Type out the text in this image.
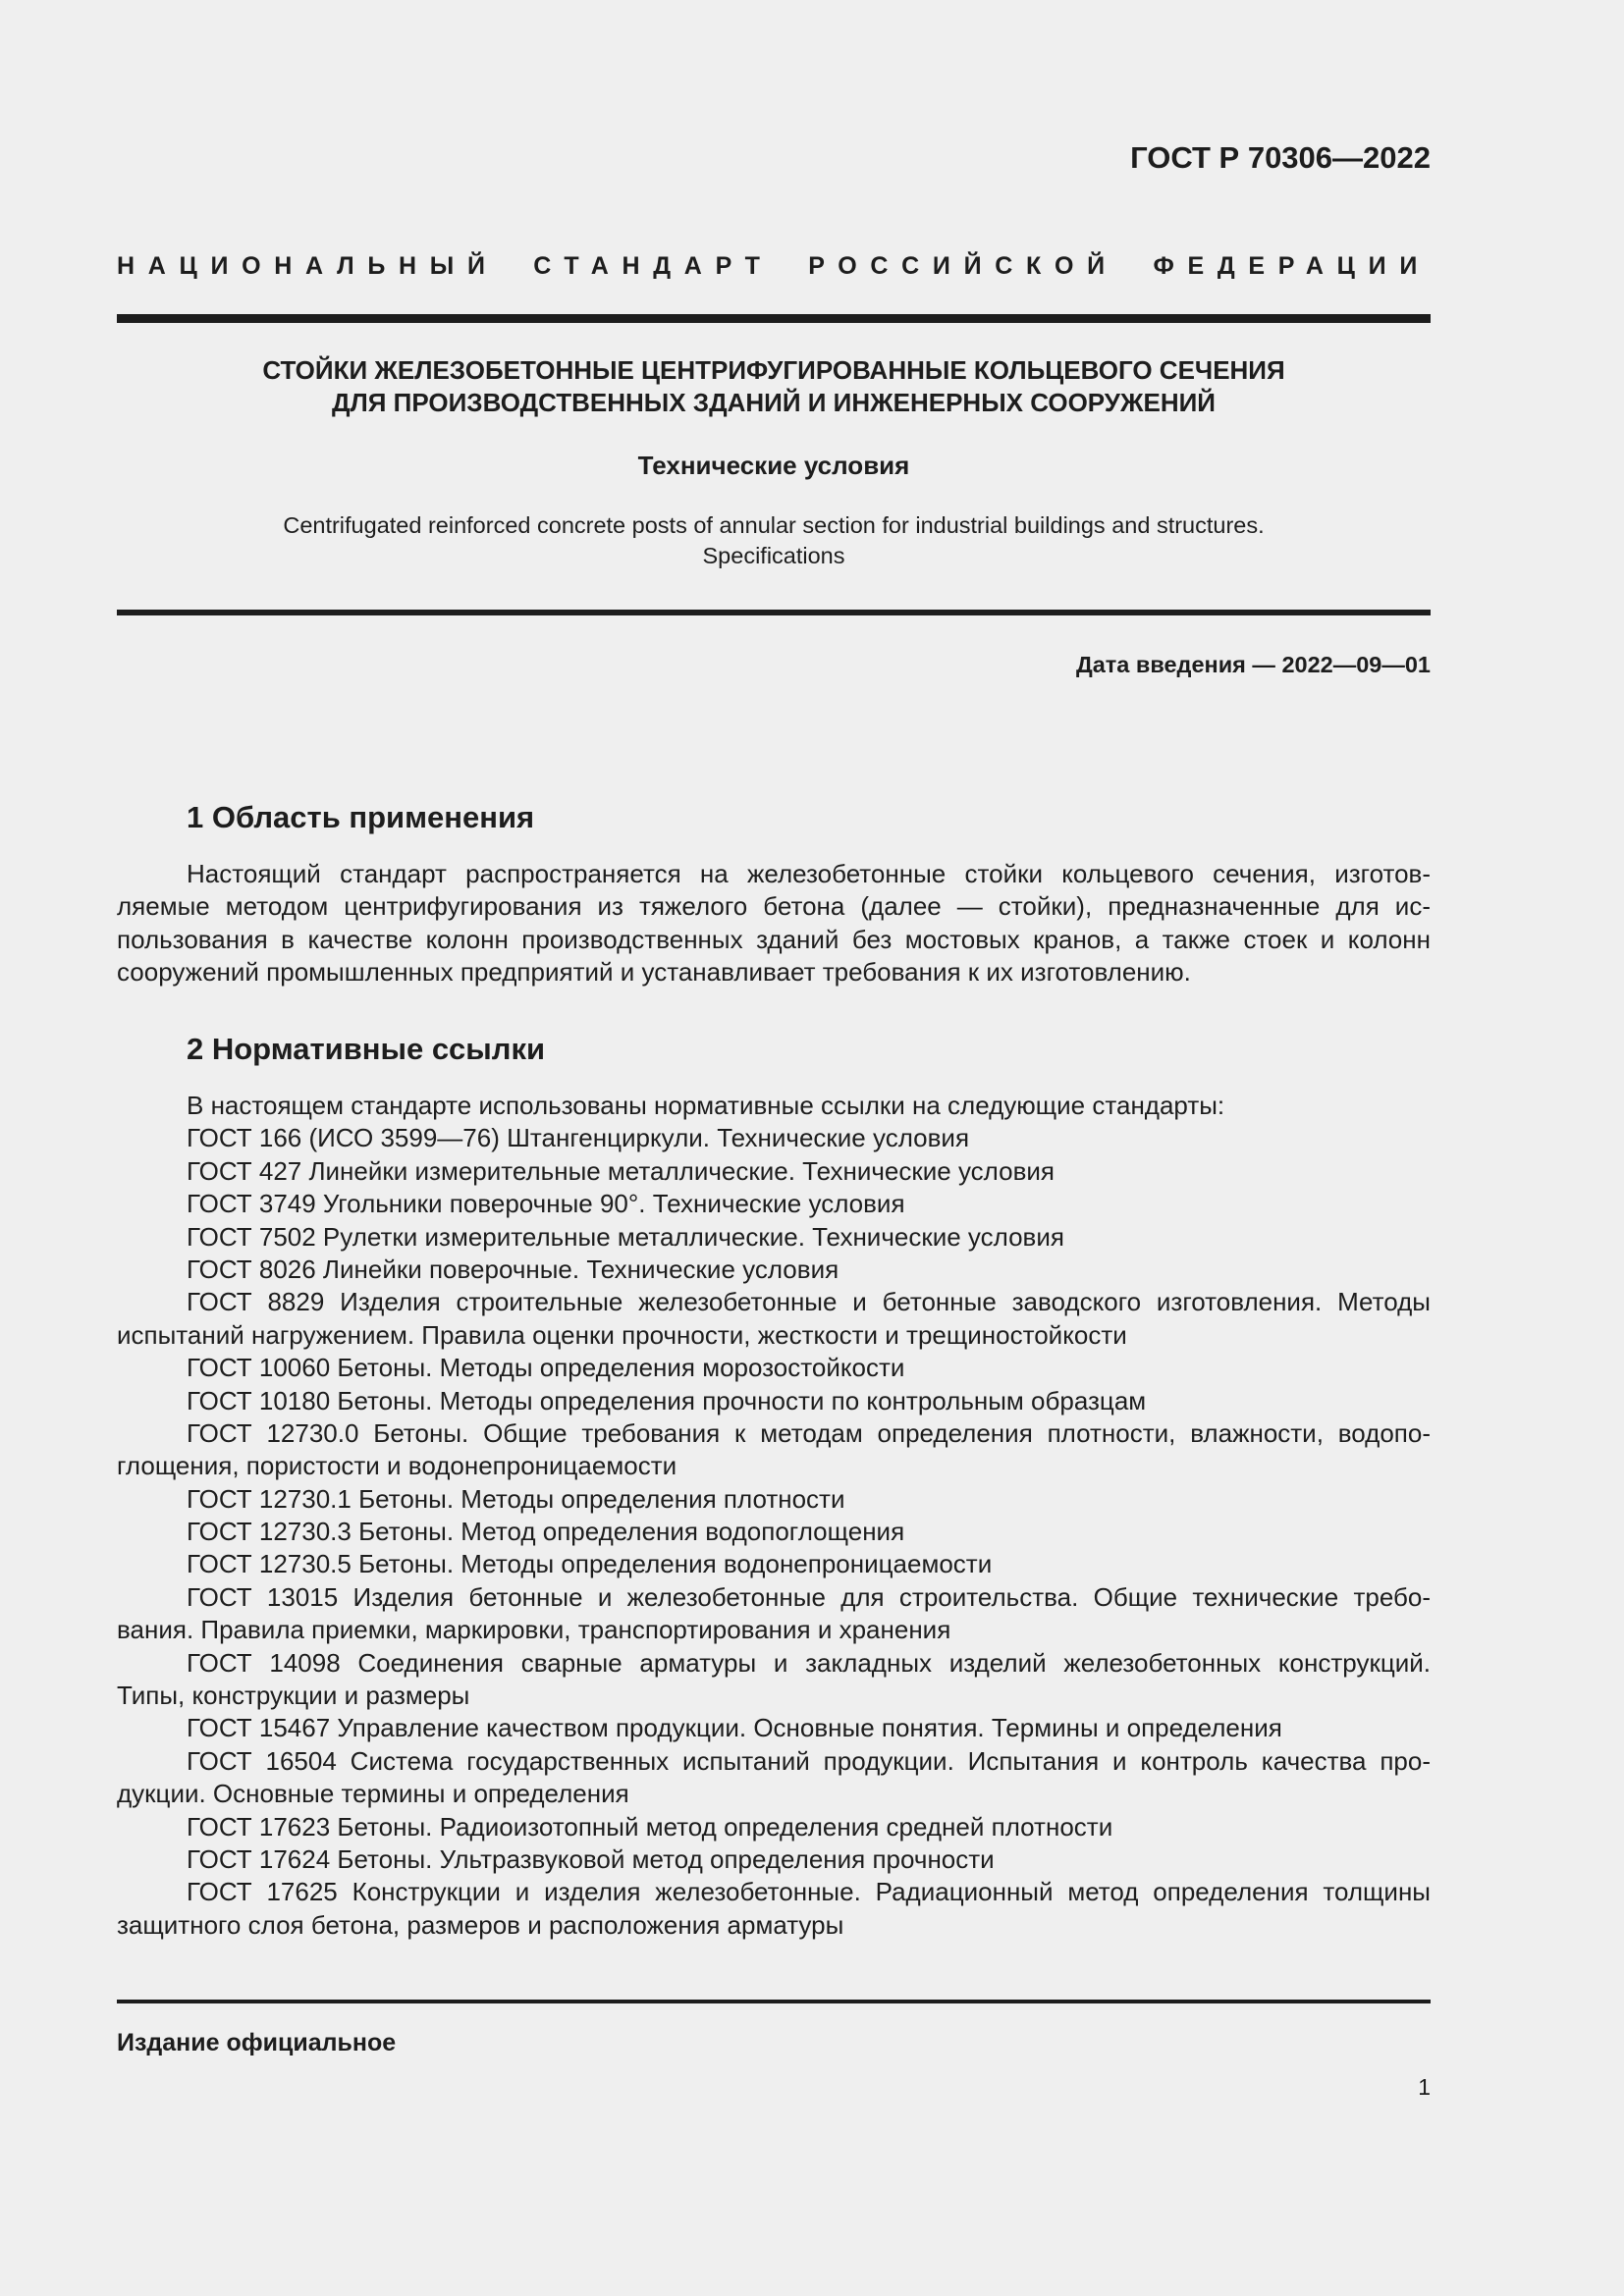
ГОСТ Р 70306—2022
НАЦИОНАЛЬНЫЙ СТАНДАРТ РОССИЙСКОЙ ФЕДЕРАЦИИ
СТОЙКИ ЖЕЛЕЗОБЕТОННЫЕ ЦЕНТРИФУГИРОВАННЫЕ КОЛЬЦЕВОГО СЕЧЕНИЯ
ДЛЯ ПРОИЗВОДСТВЕННЫХ ЗДАНИЙ И ИНЖЕНЕРНЫХ СООРУЖЕНИЙ
Технические условия
Centrifugated reinforced concrete posts of annular section for industrial buildings and structures.
Specifications
Дата введения — 2022—09—01
1 Область применения
Настоящий стандарт распространяется на железобетонные стойки кольцевого сечения, изготов-
ляемые методом центрифугирования из тяжелого бетона (далее — стойки), предназначенные для ис-
пользования в качестве колонн производственных зданий без мостовых кранов, а также стоек и колонн
сооружений промышленных предприятий и устанавливает требования к их изготовлению.
2 Нормативные ссылки
В настоящем стандарте использованы нормативные ссылки на следующие стандарты:
ГОСТ 166 (ИСО 3599—76) Штангенциркули. Технические условия
ГОСТ 427 Линейки измерительные металлические. Технические условия
ГОСТ 3749 Угольники поверочные 90°. Технические условия
ГОСТ 7502 Рулетки измерительные металлические. Технические условия
ГОСТ 8026 Линейки поверочные. Технические условия
ГОСТ 8829 Изделия строительные железобетонные и бетонные заводского изготовления. Методы
испытаний нагружением. Правила оценки прочности, жесткости и трещиностойкости
ГОСТ 10060 Бетоны. Методы определения морозостойкости
ГОСТ 10180 Бетоны. Методы определения прочности по контрольным образцам
ГОСТ 12730.0 Бетоны. Общие требования к методам определения плотности, влажности, водопо-
глощения, пористости и водонепроницаемости
ГОСТ 12730.1 Бетоны. Методы определения плотности
ГОСТ 12730.3 Бетоны. Метод определения водопоглощения
ГОСТ 12730.5 Бетоны. Методы определения водонепроницаемости
ГОСТ 13015 Изделия бетонные и железобетонные для строительства. Общие технические требо-
вания. Правила приемки, маркировки, транспортирования и хранения
ГОСТ 14098 Соединения сварные арматуры и закладных изделий железобетонных конструкций.
Типы, конструкции и размеры
ГОСТ 15467 Управление качеством продукции. Основные понятия. Термины и определения
ГОСТ 16504 Система государственных испытаний продукции. Испытания и контроль качества про-
дукции. Основные термины и определения
ГОСТ 17623 Бетоны. Радиоизотопный метод определения средней плотности
ГОСТ 17624 Бетоны. Ультразвуковой метод определения прочности
ГОСТ 17625 Конструкции и изделия железобетонные. Радиационный метод определения толщины
защитного слоя бетона, размеров и расположения арматуры
Издание официальное
1
